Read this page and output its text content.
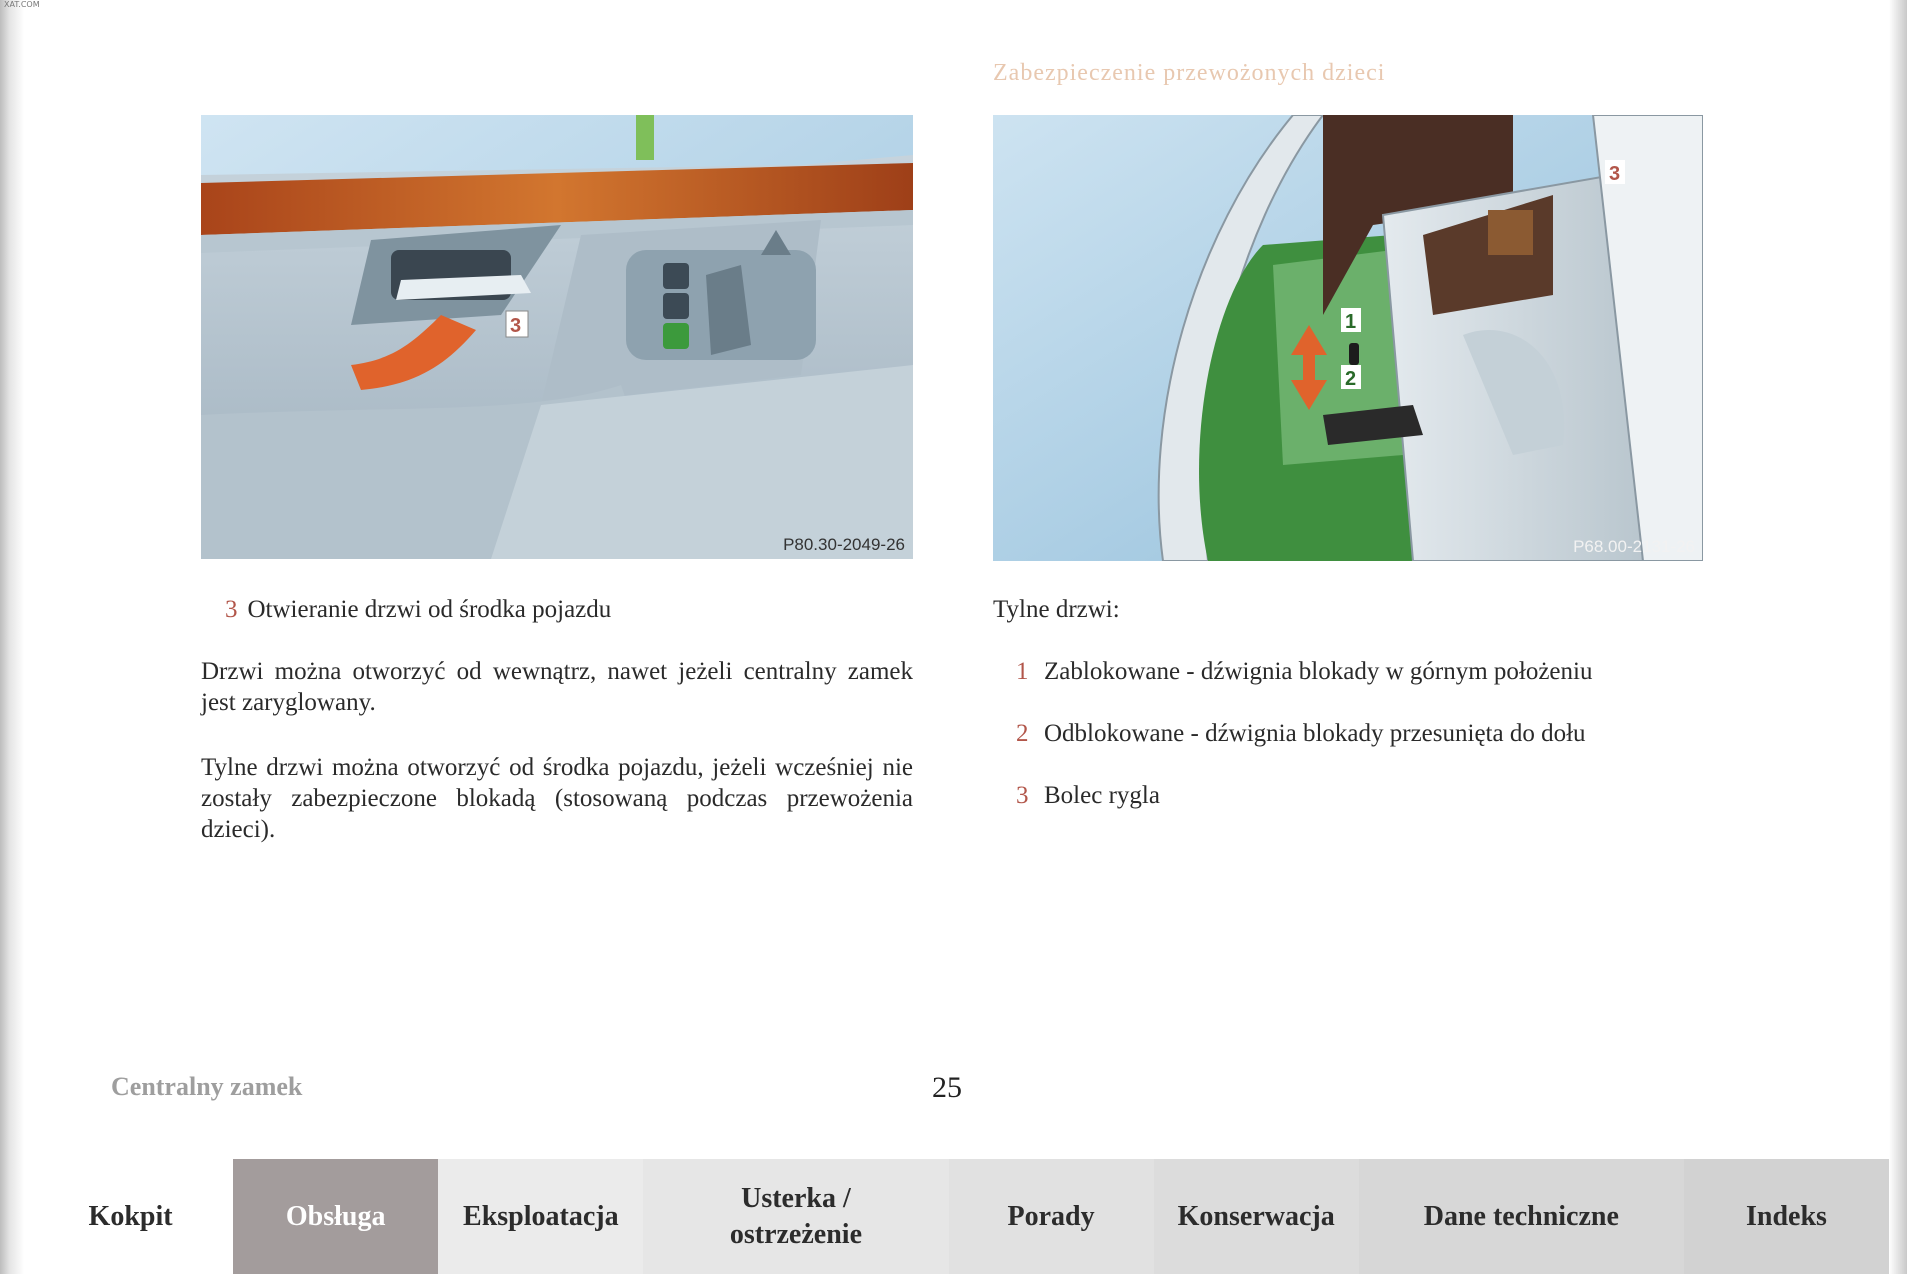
XAT.COM
Zabezpieczenie przewożonych dzieci
3
P80.30-2049-26
1
2
3
P68.00-2131-26
3 Otwieranie drzwi od środka pojazdu
Drzwi można otworzyć od wewnątrz, nawet jeżeli centralny zamek jest zaryglowany.
Tylne drzwi można otworzyć od środka pojazdu, jeżeli wcześniej nie zostały zabezpieczone blokadą (stosowaną podczas przewożenia dzieci).
Tylne drzwi:
1 Zablokowane - dźwignia blokady w górnym położeniu
2 Odblokowane - dźwignia blokady przesunięta do dołu
3 Bolec rygla
Centralny zamek	25
Kokpit	Obsługa	Eksploatacja
Usterka / ostrzeżenie
Porady	Konserwacja	Dane techniczne	Indeks
